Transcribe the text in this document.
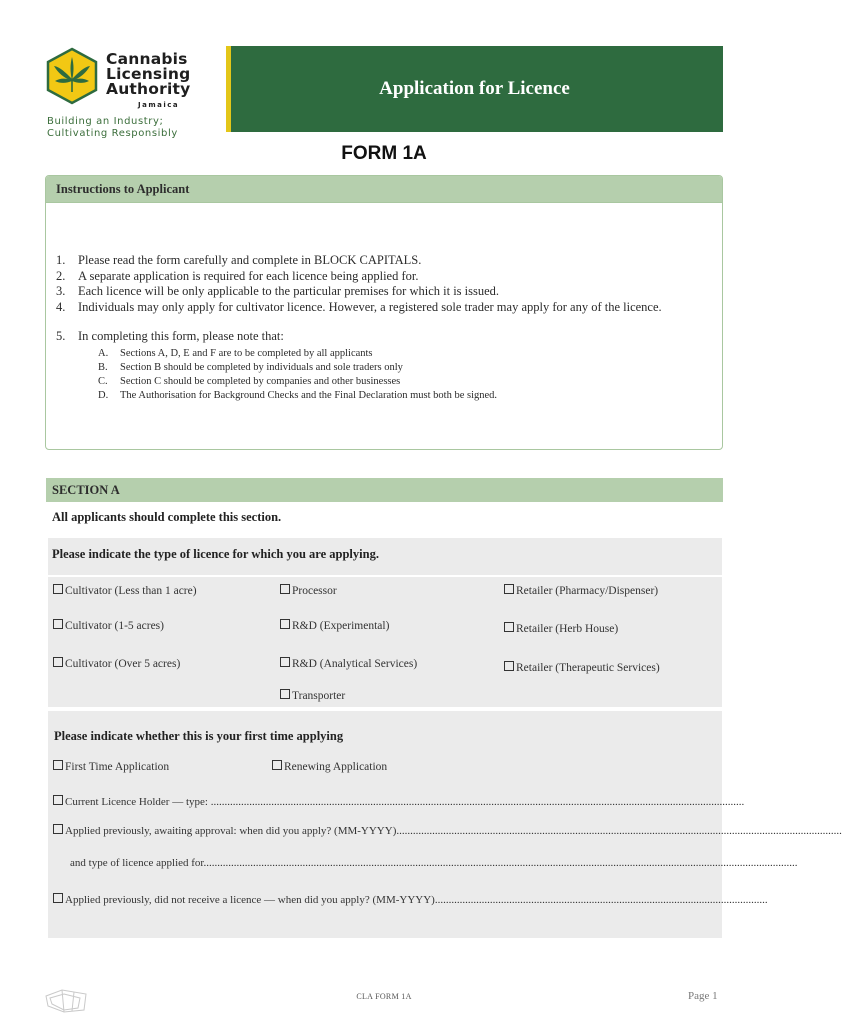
Cannabis
Licensing
Authority
Jamaica
Building an Industry;
Cultivating Responsibly
Application for Licence
FORM 1A
Instructions to Applicant
1.	Please read the form carefully and complete in BLOCK CAPITALS.
2.	A separate application is required for each licence being applied for.
3.	Each licence will be only applicable to the particular premises for which it is issued.
4.	Individuals may only apply for cultivator licence. However, a registered sole trader may apply for any of the licence.
5.	In completing this form, please note that:
A.	Sections A, D, E and F are to be completed by all applicants
B.	Section B should be completed by individuals and sole traders only
C.	Section C should be completed by companies and other businesses
D.	The Authorisation for Background Checks and the Final Declaration must both be signed.
SECTION A
All applicants should complete this section.
Please indicate the type of licence for which you are applying.
Cultivator (Less than 1 acre)
Cultivator (1-5 acres)
Cultivator (Over 5 acres)
Processor
R&D (Experimental)
R&D (Analytical Services)
Transporter
Retailer (Pharmacy/Dispenser)
Retailer (Herb House)
Retailer (Therapeutic Services)
Please indicate whether this is your first time applying
First Time Application	Renewing Application
Current Licence Holder — type: ..................................................................................................................................................................................................
Applied previously, awaiting approval: when did you apply? (MM-YYYY)..................................................................................................................................................................
and type of licence applied for........................................................................................................................................................................................................................
Applied previously, did not receive a licence — when did you apply? (MM-YYYY).........................................................................................................................
CLA FORM 1A	Page 1
